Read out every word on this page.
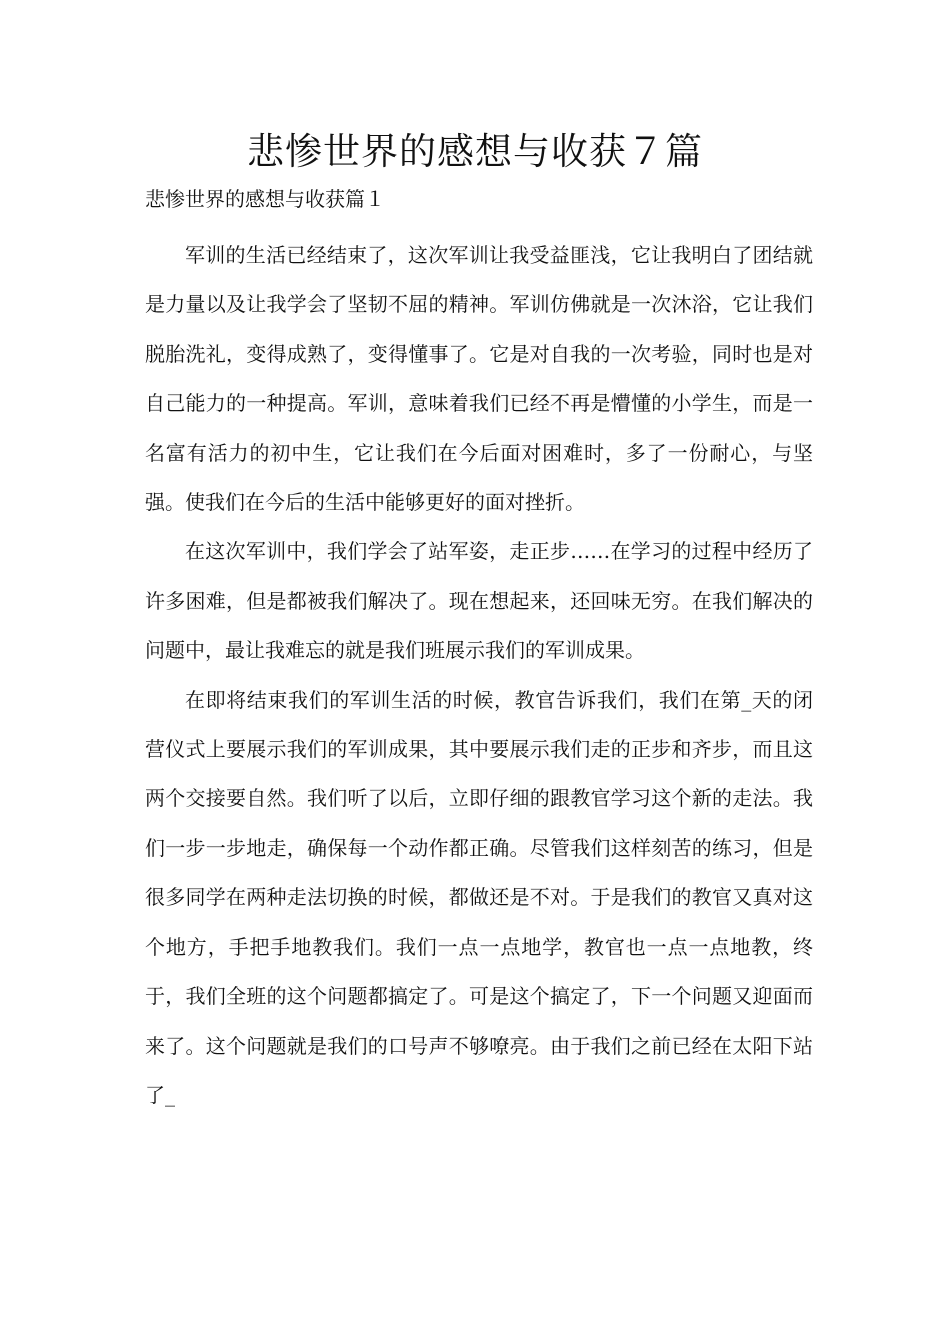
悲惨世界的感想与收获７篇
悲惨世界的感想与收获篇１

军训的生活已经结束了，这次军训让我受益匪浅，它让我明白了团结就是力量以及让我学会了坚韧不屈的精神。军训仿佛就是一次沐浴，它让我们脱胎洗礼，变得成熟了，变得懂事了。它是对自我的一次考验，同时也是对自己能力的一种提高。军训，意味着我们已经不再是懵懂的小学生，而是一名富有活力的初中生，它让我们在今后面对困难时，多了一份耐心，与坚强。使我们在今后的生活中能够更好的面对挫折。

在这次军训中，我们学会了站军姿，走正步……在学习的过程中经历了许多困难，但是都被我们解决了。现在想起来，还回味无穷。在我们解决的问题中，最让我难忘的就是我们班展示我们的军训成果。

在即将结束我们的军训生活的时候，教官告诉我们，我们在第_天的闭营仪式上要展示我们的军训成果，其中要展示我们走的正步和齐步，而且这两个交接要自然。我们听了以后，立即仔细的跟教官学习这个新的走法。我们一步一步地走，确保每一个动作都正确。尽管我们这样刻苦的练习，但是很多同学在两种走法切换的时候，都做还是不对。于是我们的教官又真对这个地方，手把手地教我们。我们一点一点地学，教官也一点一点地教，终于，我们全班的这个问题都搞定了。可是这个搞定了，下一个问题又迎面而来了。这个问题就是我们的口号声不够嘹亮。由于我们之前已经在太阳下站了_
